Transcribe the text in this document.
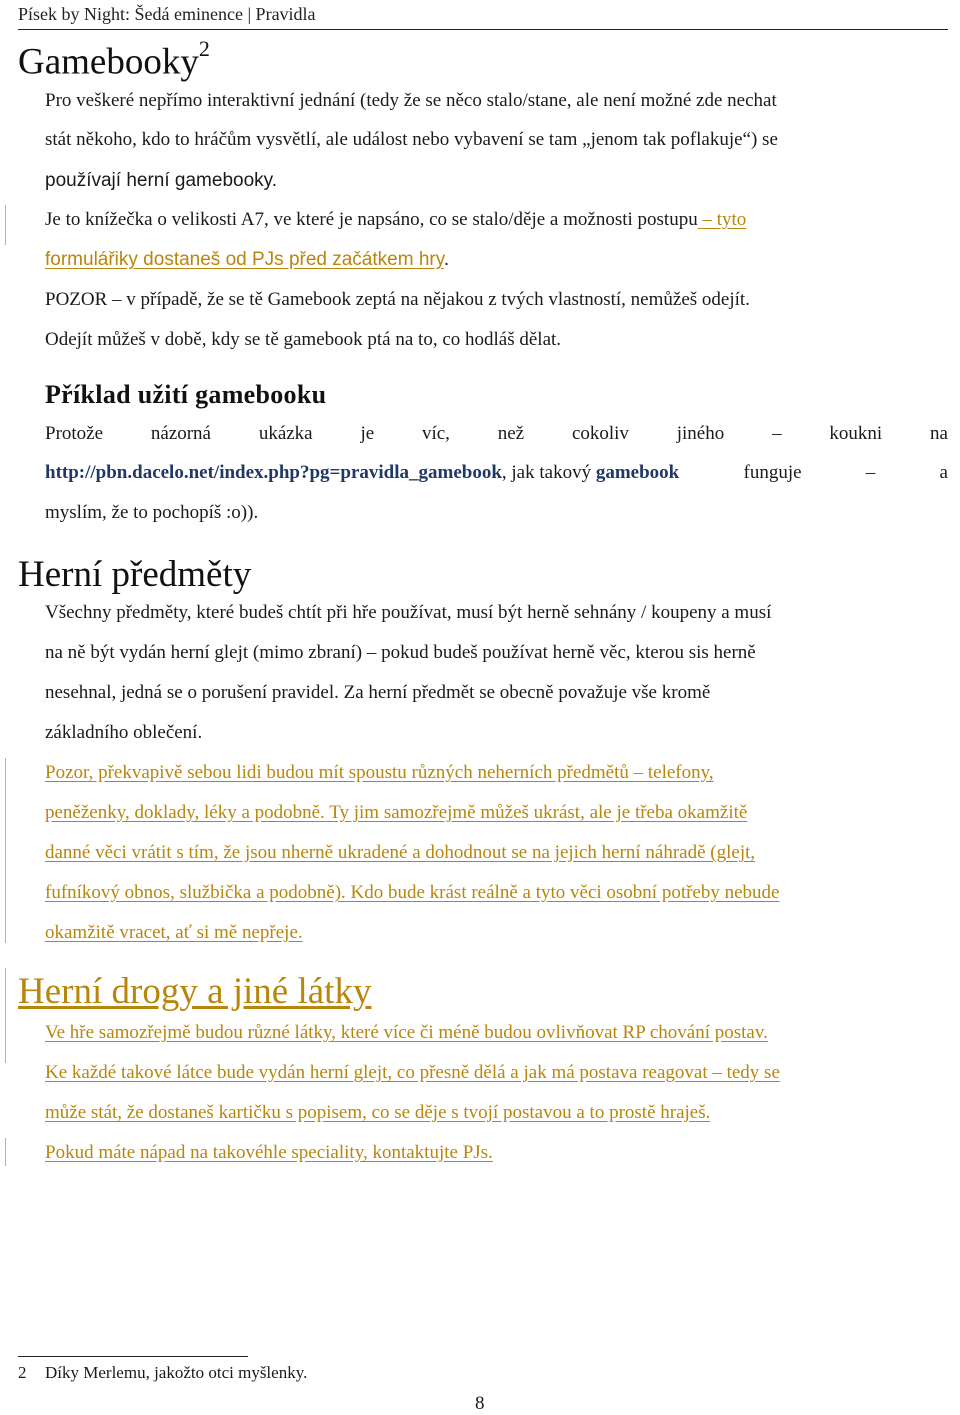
Písek by Night: Šedá eminence | Pravidla
Gamebooky$^2$
Pro veškeré nepřímo interaktivní jednání (tedy že se něco stalo/stane, ale není možné zde nechat
stát někoho, kdo to hráčům vysvětlí, ale událost nebo vybavení se tam „jenom tak poflakuje“) se
používají herní gamebooky.
Je to knížečka o velikosti A7, ve které je napsáno, co se stalo/děje a možnosti postupu – tyto
formulářiky dostaneš od PJs před začátkem hry.
POZOR – v případě, že se tě Gamebook zeptá na nějakou z tvých vlastností, nemůžeš odejít.
Odejít můžeš v době, kdy se tě gamebook ptá na to, co hodláš dělat.
Příklad užití gamebooku
Protože	názorná	ukázka	je	víc,	než	cokoliv	jiného	–	koukni	na
http://pbn.dacelo.net/index.php?pg=pravidla_gamebook, jak takový gamebook	funguje	–	a
myslím, že to pochopíš :o)).
Herní předměty
Všechny předměty, které budeš chtít při hře používat, musí být herně sehnány / koupeny a musí
na ně být vydán herní glejt (mimo zbraní) – pokud budeš používat herně věc, kterou sis herně
nesehnal, jedná se o porušení pravidel. Za herní předmět se obecně považuje vše kromě
základního oblečení.
Pozor, překvapivě sebou lidi budou mít spoustu různých neherních předmětů – telefony,
peněženky, doklady, léky a podobně. Ty jim samozřejmě můžeš ukrást, ale je třeba okamžitě
danné věci vrátit s tím, že jsou nherně ukradené a dohodnout se na jejich herní náhradě (glejt,
fufníkový obnos, službička a podobně). Kdo bude krást reálně a tyto věci osobní potřeby nebude
okamžitě vracet, ať si mě nepřeje.
Herní drogy a jiné látky
Ve hře samozřejmě budou různé látky, které více či méně budou ovlivňovat RP chování postav.
Ke každé takové látce bude vydán herní glejt, co přesně dělá a jak má postava reagovat – tedy se
může stát, že dostaneš kartičku s popisem, co se děje s tvojí postavou a to prostě hraješ.
Pokud máte nápad na takovéhle speciality, kontaktujte PJs.
2 Díky Merlemu, jakožto otci myšlenky.
8
